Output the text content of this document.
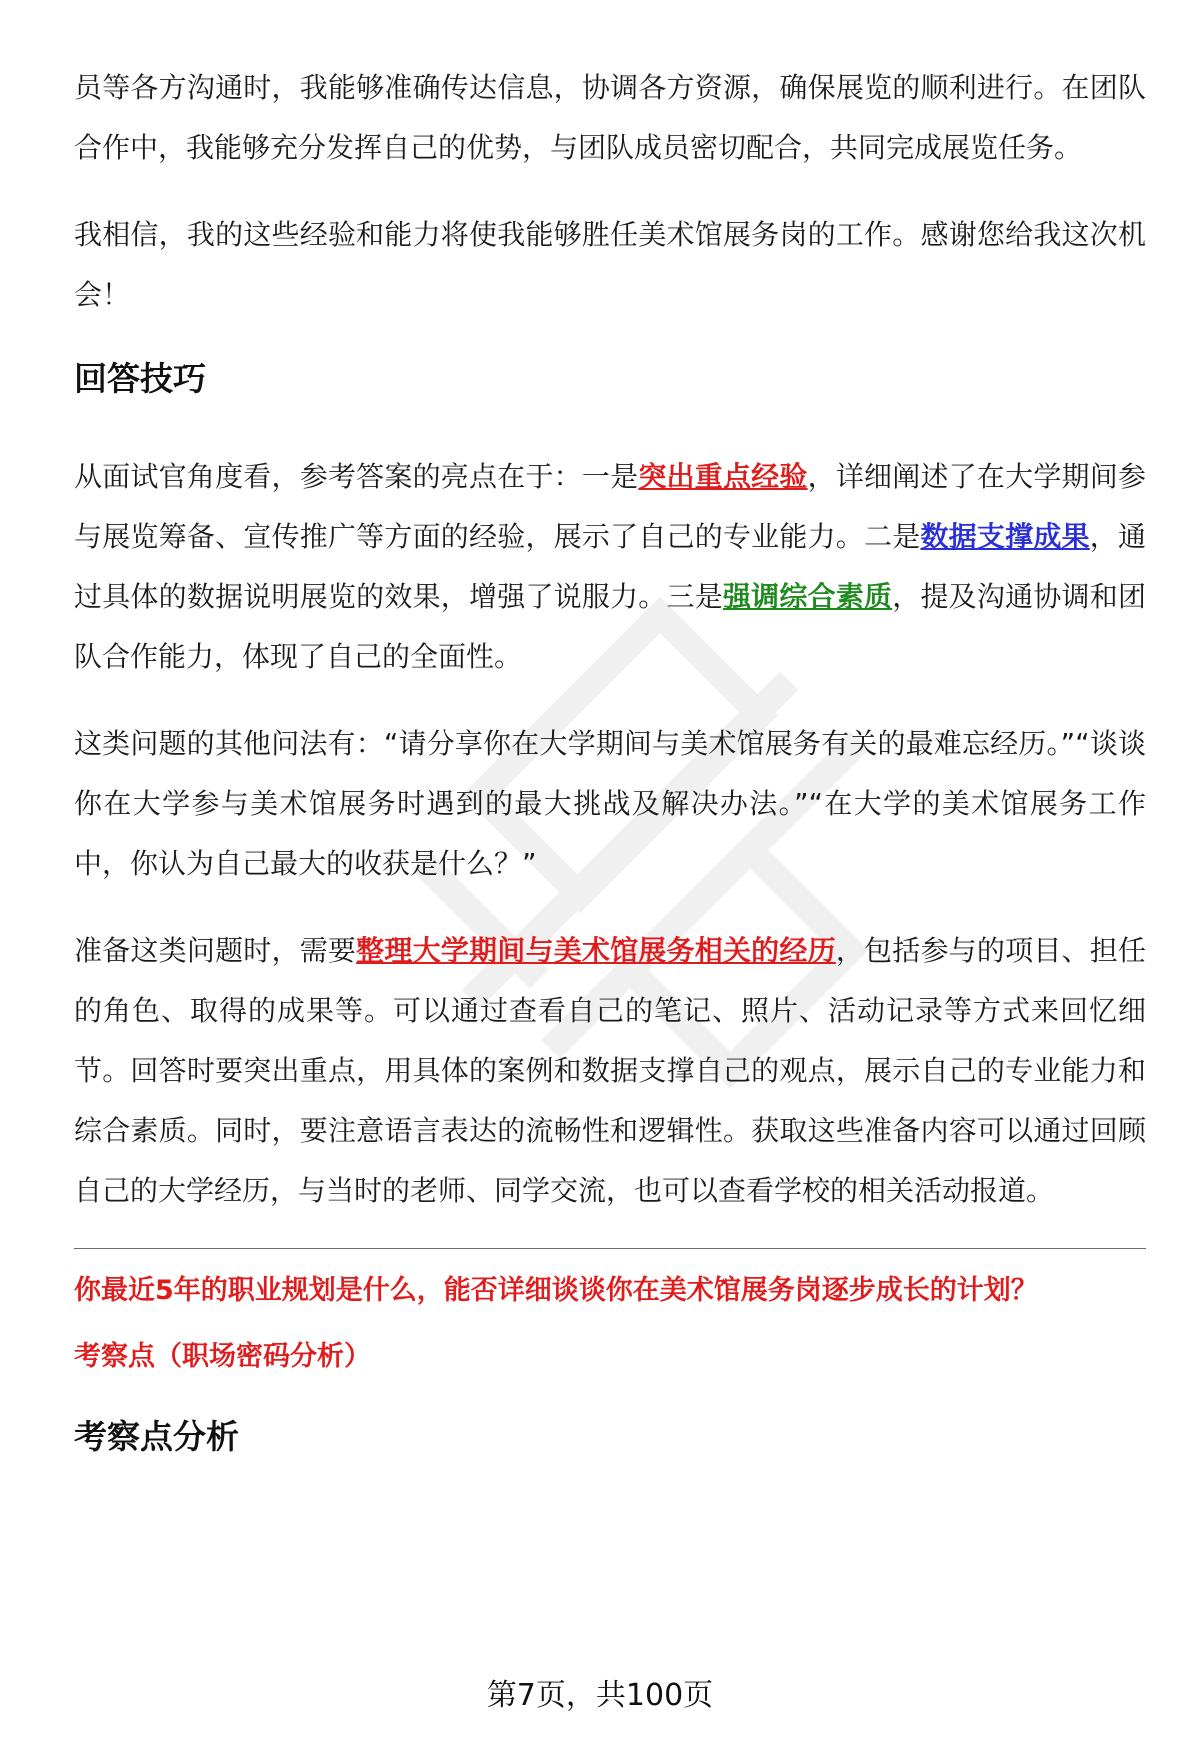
员等各方沟通时，我能够准确传达信息，协调各方资源，确保展览的顺利进行。在团队合作中，我能够充分发挥自己的优势，与团队成员密切配合，共同完成展览任务。

我相信，我的这些经验和能力将使我能够胜任美术馆展务岗的工作。感谢您给我这次机会！

回答技巧

从面试官角度看，参考答案的亮点在于：一是突出重点经验，详细阐述了在大学期间参与展览筹备、宣传推广等方面的经验，展示了自己的专业能力。二是数据支撑成果，通过具体的数据说明展览的效果，增强了说服力。三是强调综合素质，提及沟通协调和团队合作能力，体现了自己的全面性。

这类问题的其他问法有：“请分享你在大学期间与美术馆展务有关的最难忘经历。”“谈谈你在大学参与美术馆展务时遇到的最大挑战及解决办法。”“在大学的美术馆展务工作中，你认为自己最大的收获是什么？”

准备这类问题时，需要整理大学期间与美术馆展务相关的经历，包括参与的项目、担任的角色、取得的成果等。可以通过查看自己的笔记、照片、活动记录等方式来回忆细节。回答时要突出重点，用具体的案例和数据支撑自己的观点，展示自己的专业能力和综合素质。同时，要注意语言表达的流畅性和逻辑性。获取这些准备内容可以通过回顾自己的大学经历，与当时的老师、同学交流，也可以查看学校的相关活动报道。

你最近5年的职业规划是什么，能否详细谈谈你在美术馆展务岗逐步成长的计划？

考察点（职场密码分析）

考察点分析
第7页，共100页
